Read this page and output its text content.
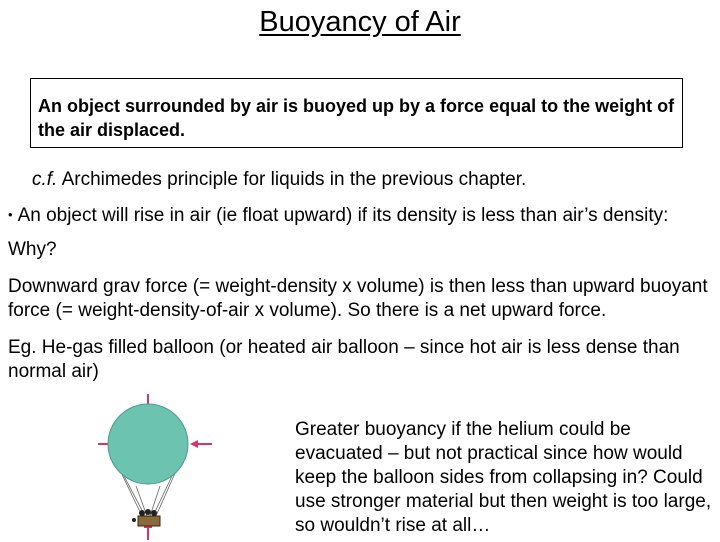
Buoyancy of Air
An object surrounded by air is buoyed up by a force equal to the weight of the air displaced.
c.f. Archimedes principle for liquids in the previous chapter.
• An object will rise in air (ie float upward) if its density is less than air’s density:
Why?
Downward grav force (= weight-density x volume) is then less than upward buoyant force (= weight-density-of-air x volume). So there is a net upward force.
Eg. He-gas filled balloon (or heated air balloon – since hot air is less dense than normal air)
Greater buoyancy if the helium could be evacuated – but not practical since how would keep the balloon sides from collapsing in? Could use stronger material but then weight is too large, so wouldn’t rise at all…
